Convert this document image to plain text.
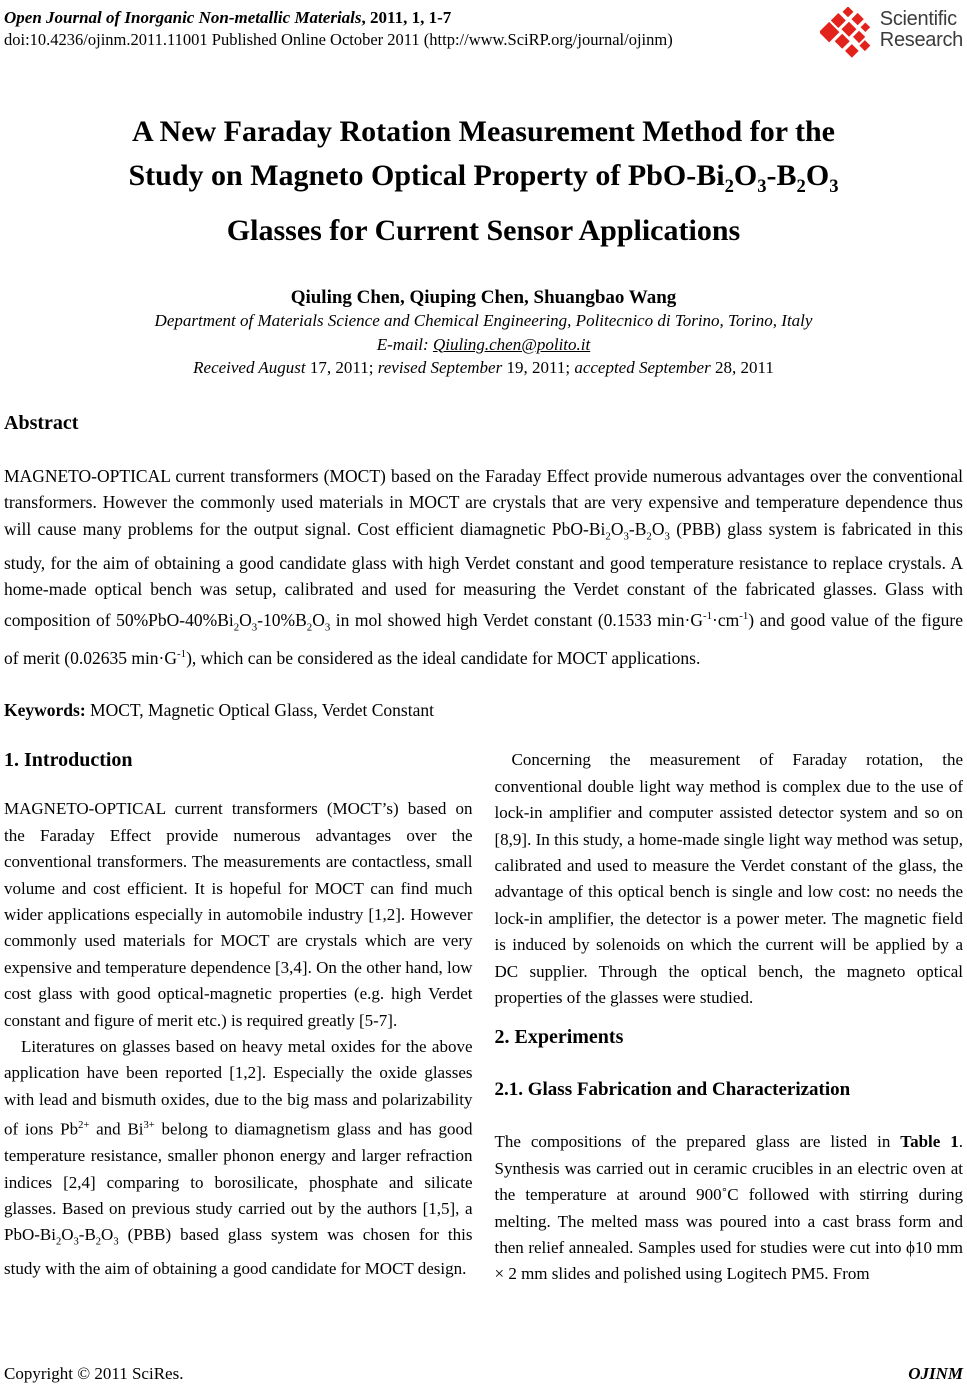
Open Journal of Inorganic Non-metallic Materials, 2011, 1, 1-7
doi:10.4236/ojinm.2011.11001 Published Online October 2011 (http://www.SciRP.org/journal/ojinm)
Scientific
Research
A New Faraday Rotation Measurement Method for the
Study on Magneto Optical Property of PbO-$Bi_2O_3-B_2O_3$
Glasses for Current Sensor Applications
Qiuling Chen, Qiuping Chen, Shuangbao Wang
Department of Materials Science and Chemical Engineering, Politecnico di Torino, Torino, Italy
E-mail: Qiuling.chen@polito.it
Received August 17, 2011; revised September 19, 2011; accepted September 28, 2011
Abstract
MAGNETO-OPTICAL current transformers (MOCT) based on the Faraday Effect provide numerous advantages over the conventional transformers. However the commonly used materials in MOCT are crystals that are very expensive and temperature dependence thus will cause many problems for the output signal. Cost efficient diamagnetic PbO-$Bi_2O_3-B_2O_3$ (PBB) glass system is fabricated in this study, for the aim of obtaining a good candidate glass with high Verdet constant and good temperature resistance to replace crystals. A home-made optical bench was setup, calibrated and used for measuring the Verdet constant of the fabricated glasses. Glass with composition of $50\%PbO-40\%Bi_2O_3-10\%B_2O_3$ in mol showed high Verdet constant (0.1533 $\min\cdot G^{-1}\cdot cm^{-1}$) and good value of the figure of merit (0.02635 $\min\cdot G^{-1}$), which can be considered as the ideal candidate for MOCT applications.
Keywords: MOCT, Magnetic Optical Glass, Verdet Constant
1. Introduction

MAGNETO-OPTICAL current transformers (MOCT’s) based on the Faraday Effect provide numerous advantages over the conventional transformers. The measurements are contactless, small volume and cost efficient. It is hopeful for MOCT can find much wider applications especially in automobile industry [1,2]. However commonly used materials for MOCT are crystals which are very expensive and temperature dependence [3,4]. On the other hand, low cost glass with good optical-magnetic properties (e.g. high Verdet constant and figure of merit etc.) is required greatly [5-7].

Literatures on glasses based on heavy metal oxides for the above application have been reported [1,2]. Especially the oxide glasses with lead and bismuth oxides, due to the big mass and polarizability of ions $Pb^{2+}$ and $Bi^{3+}$ belong to diamagnetism glass and has good temperature resistance, smaller phonon energy and larger refraction indices [2,4] comparing to borosilicate, phosphate and silicate glasses. Based on previous study carried out by the authors [1,5], a PbO-$Bi_2O_3-B_2O_3$ (PBB) based glass system was chosen for this study with the aim of obtaining a good candidate for MOCT design.

Concerning the measurement of Faraday rotation, the conventional double light way method is complex due to the use of lock-in amplifier and computer assisted detector system and so on [8,9]. In this study, a home-made single light way method was setup, calibrated and used to measure the Verdet constant of the glass, the advantage of this optical bench is single and low cost: no needs the lock-in amplifier, the detector is a power meter. The magnetic field is induced by solenoids on which the current will be applied by a DC supplier. Through the optical bench, the magneto optical properties of the glasses were studied.

2. Experiments
2.1. Glass Fabrication and Characterization

The compositions of the prepared glass are listed in Table 1. Synthesis was carried out in ceramic crucibles in an electric oven at the temperature at around 900˚C followed with stirring during melting. The melted mass was poured into a cast brass form and then relief annealed. Samples used for studies were cut into ϕ10 mm × 2 mm slides and polished using Logitech PM5. From

Copyright © 2011 SciRes.	OJINM
